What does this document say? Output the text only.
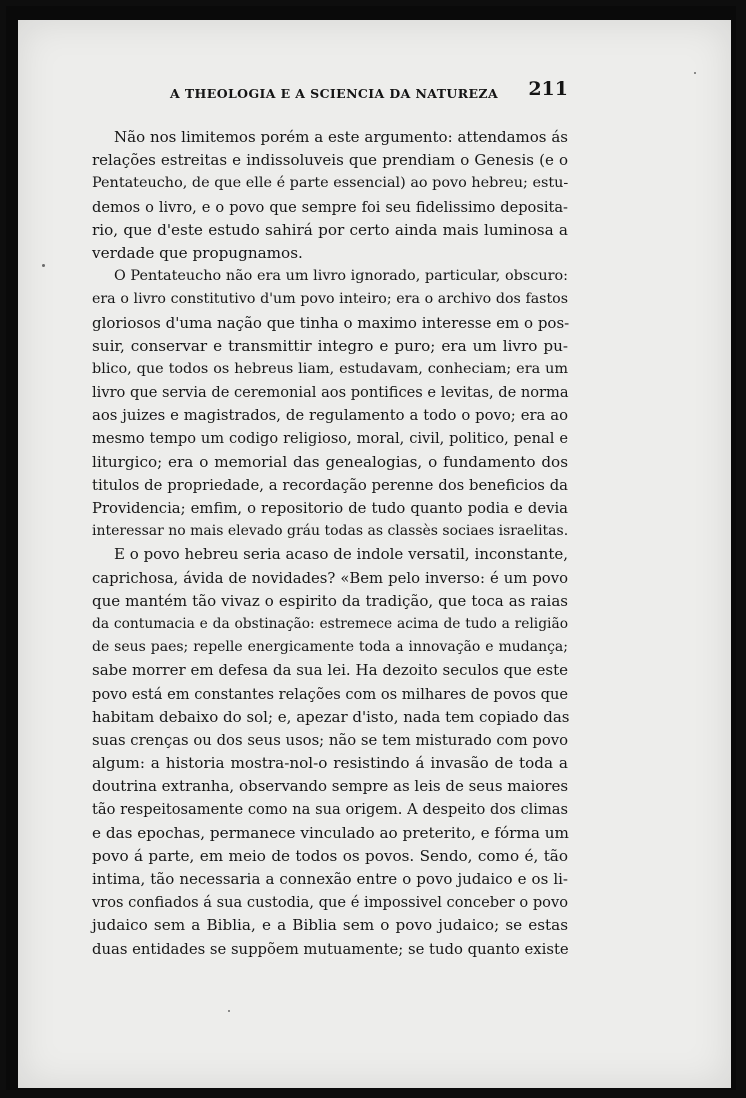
A THEOLOGIA E A SCIENCIA DA NATUREZA 211
Não nos limitemos porém a este argumento: attendamos ás
relações estreitas e indissoluveis que prendiam o Genesis (e o
Pentateucho, de que elle é parte essencial) ao povo hebreu; estu-
demos o livro, e o povo que sempre foi seu fidelissimo deposita-
rio, que d'este estudo sahirá por certo ainda mais luminosa a
verdade que propugnamos.
O Pentateucho não era um livro ignorado, particular, obscuro:
era o livro constitutivo d'um povo inteiro; era o archivo dos fastos
gloriosos d'uma nação que tinha o maximo interesse em o pos-
suir, conservar e transmittir integro e puro; era um livro pu-
blico, que todos os hebreus liam, estudavam, conheciam; era um
livro que servia de ceremonial aos pontifices e levitas, de norma
aos juizes e magistrados, de regulamento a todo o povo; era ao
mesmo tempo um codigo religioso, moral, civil, politico, penal e
liturgico; era o memorial das genealogias, o fundamento dos
titulos de propriedade, a recordação perenne dos beneficios da
Providencia; emfim, o repositorio de tudo quanto podia e devia
interessar no mais elevado gráu todas as classès sociaes israelitas.
E o povo hebreu seria acaso de indole versatil, inconstante,
caprichosa, ávida de novidades? «Bem pelo inverso: é um povo
que mantém tão vivaz o espirito da tradição, que toca as raias
da contumacia e da obstinação: estremece acima de tudo a religião
de seus paes; repelle energicamente toda a innovação e mudança;
sabe morrer em defesa da sua lei. Ha dezoito seculos que este
povo está em constantes relações com os milhares de povos que
habitam debaixo do sol; e, apezar d'isto, nada tem copiado das
suas crenças ou dos seus usos; não se tem misturado com povo
algum: a historia mostra-nol-o resistindo á invasão de toda a
doutrina extranha, observando sempre as leis de seus maiores
tão respeitosamente como na sua origem. A despeito dos climas
e das epochas, permanece vinculado ao preterito, e fórma um
povo á parte, em meio de todos os povos. Sendo, como é, tão
intima, tão necessaria a connexão entre o povo judaico e os li-
vros confiados á sua custodia, que é impossivel conceber o povo
judaico sem a Biblia, e a Biblia sem o povo judaico; se estas
duas entidades se suppõem mutuamente; se tudo quanto existe
